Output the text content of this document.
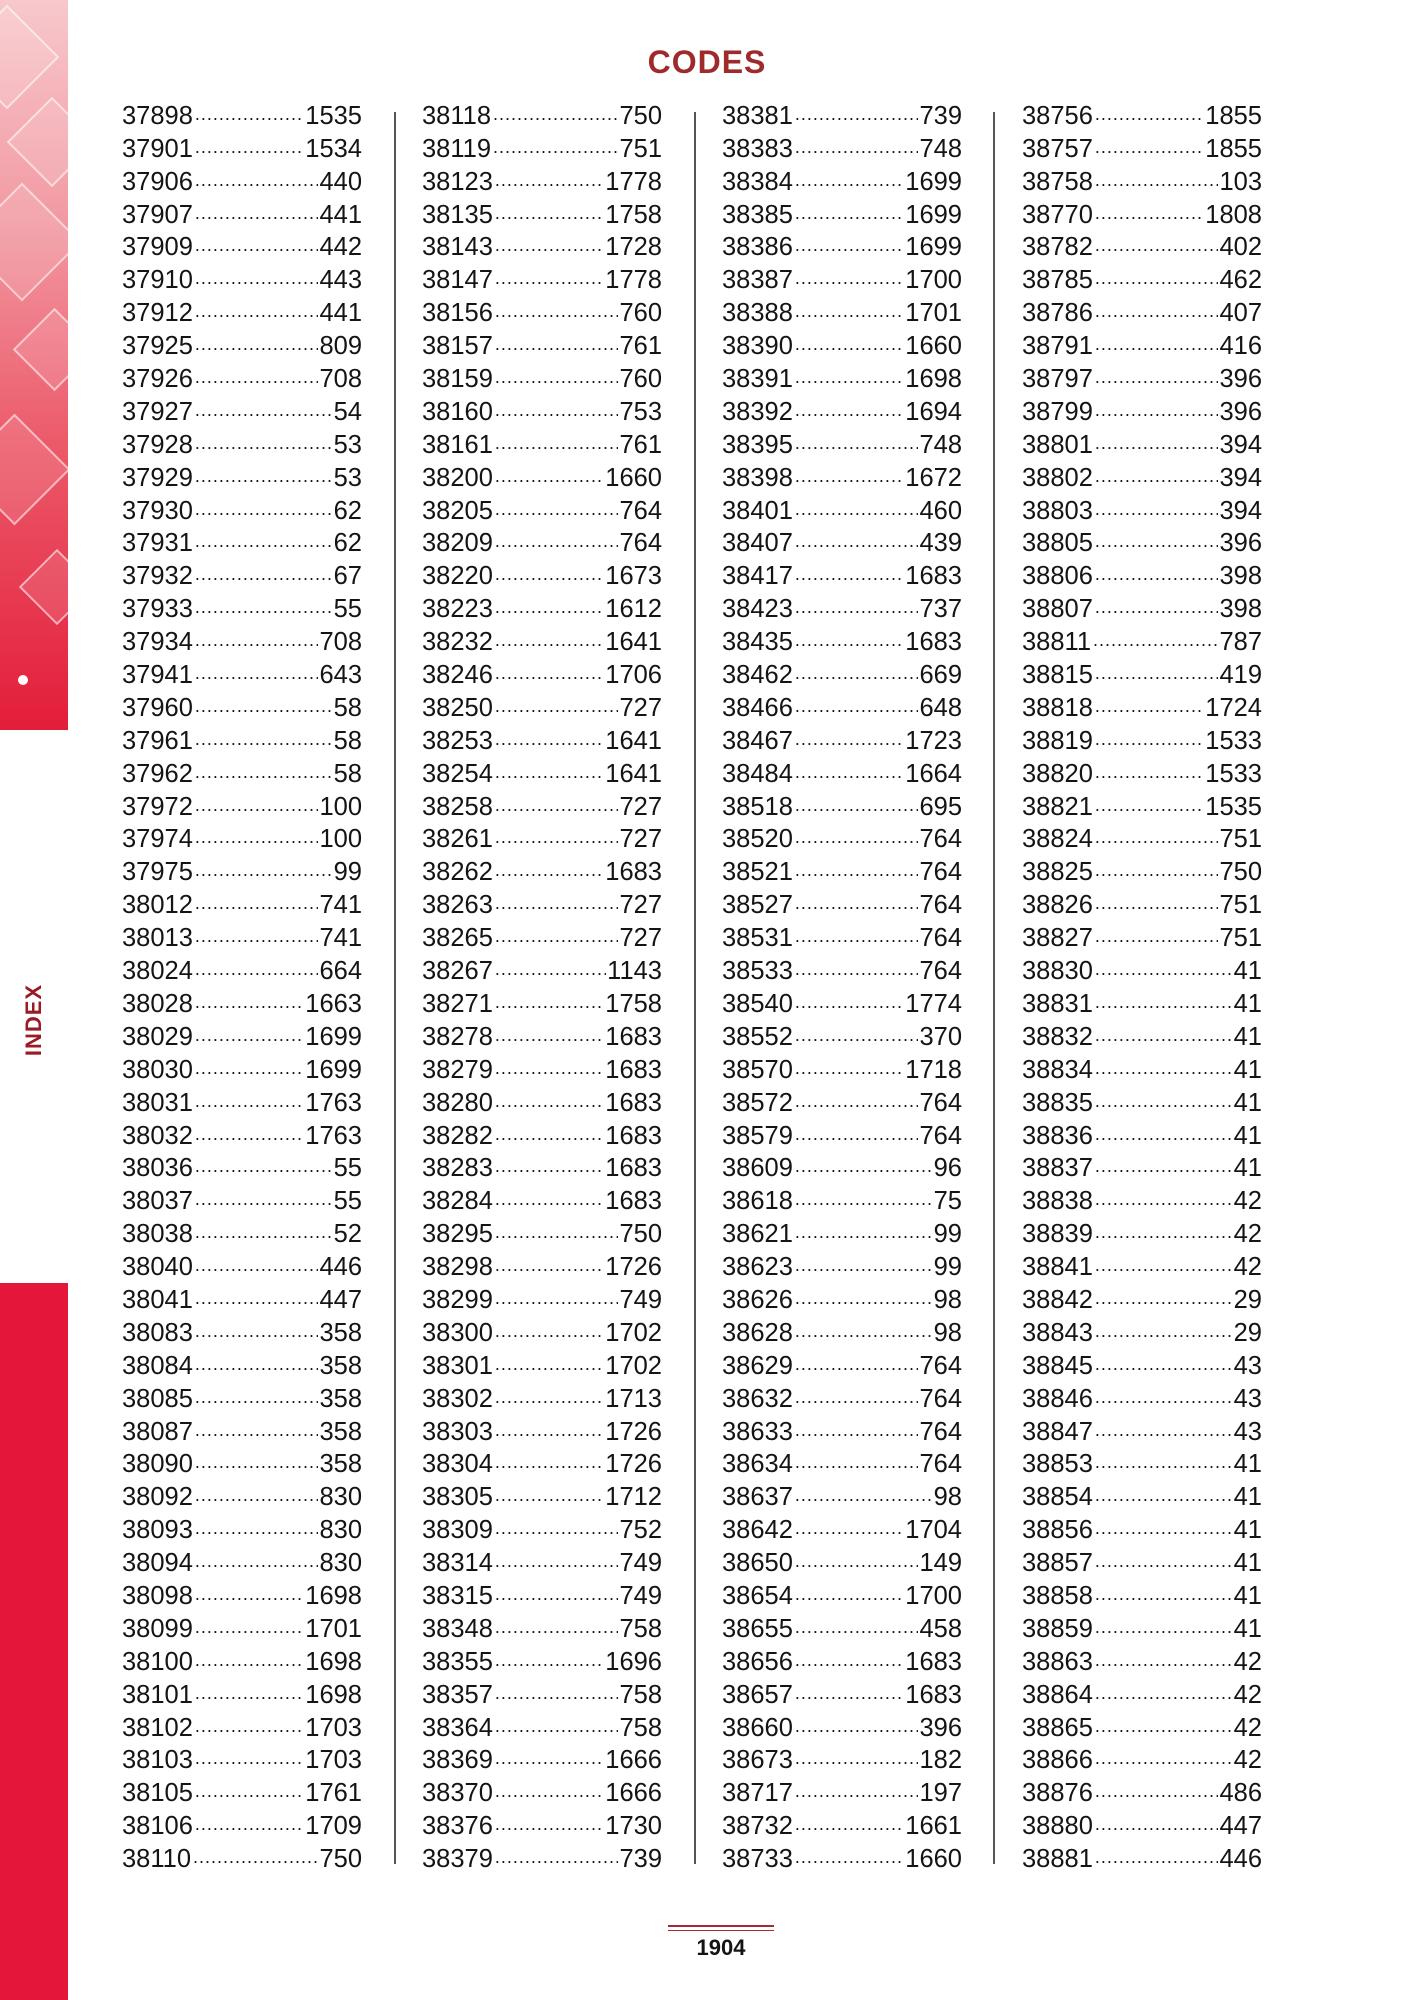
INDEX
CODES
37898 .....	1535
37901 .....	1534
37906 .....	440
37907 .....	441
37909 .....	442
37910 .....	443
37912 .....	441
37925 .....	809
37926 .....	708
37927 .....	54
37928 .....	53
37929 .....	53
37930 .....	62
37931 .....	62
37932 .....	67
37933 .....	55
37934 .....	708
37941 .....	643
37960 .....	58
37961 .....	58
37962 .....	58
37972 .....	100
37974 .....	100
37975 .....	99
38012 .....	741
38013 .....	741
38024 .....	664
38028 .....	1663
38029 .....	1699
38030 .....	1699
38031 .....	1763
38032 .....	1763
38036 .....	55
38037 .....	55
38038 .....	52
38040 .....	446
38041 .....	447
38083 .....	358
38084 .....	358
38085 .....	358
38087 .....	358
38090 .....	358
38092 .....	830
38093 .....	830
38094 .....	830
38098 .....	1698
38099 .....	1701
38100 .....	1698
38101 .....	1698
38102 .....	1703
38103 .....	1703
38105 .....	1761
38106 .....	1709
38110 .....	750
38118 .....	750
38119 .....	751
38123 .....	1778
38135 .....	1758
38143 .....	1728
38147 .....	1778
38156 .....	760
38157 .....	761
38159 .....	760
38160 .....	753
38161 .....	761
38200 .....	1660
38205 .....	764
38209 .....	764
38220 .....	1673
38223 .....	1612
38232 .....	1641
38246 .....	1706
38250 .....	727
38253 .....	1641
38254 .....	1641
38258 .....	727
38261 .....	727
38262 .....	1683
38263 .....	727
38265 .....	727
38267 .....	1143
38271 .....	1758
38278 .....	1683
38279 .....	1683
38280 .....	1683
38282 .....	1683
38283 .....	1683
38284 .....	1683
38295 .....	750
38298 .....	1726
38299 .....	749
38300 .....	1702
38301 .....	1702
38302 .....	1713
38303 .....	1726
38304 .....	1726
38305 .....	1712
38309 .....	752
38314 .....	749
38315 .....	749
38348 .....	758
38355 .....	1696
38357 .....	758
38364 .....	758
38369 .....	1666
38370 .....	1666
38376 .....	1730
38379 .....	739
38381 .....	739
38383 .....	748
38384 .....	1699
38385 .....	1699
38386 .....	1699
38387 .....	1700
38388 .....	1701
38390 .....	1660
38391 .....	1698
38392 .....	1694
38395 .....	748
38398 .....	1672
38401 .....	460
38407 .....	439
38417 .....	1683
38423 .....	737
38435 .....	1683
38462 .....	669
38466 .....	648
38467 .....	1723
38484 .....	1664
38518 .....	695
38520 .....	764
38521 .....	764
38527 .....	764
38531 .....	764
38533 .....	764
38540 .....	1774
38552 .....	370
38570 .....	1718
38572 .....	764
38579 .....	764
38609 .....	96
38618 .....	75
38621 .....	99
38623 .....	99
38626 .....	98
38628 .....	98
38629 .....	764
38632 .....	764
38633 .....	764
38634 .....	764
38637 .....	98
38642 .....	1704
38650 .....	149
38654 .....	1700
38655 .....	458
38656 .....	1683
38657 .....	1683
38660 .....	396
38673 .....	182
38717 .....	197
38732 .....	1661
38733 .....	1660
38756 .....	1855
38757 .....	1855
38758 .....	103
38770 .....	1808
38782 .....	402
38785 .....	462
38786 .....	407
38791 .....	416
38797 .....	396
38799 .....	396
38801 .....	394
38802 .....	394
38803 .....	394
38805 .....	396
38806 .....	398
38807 .....	398
38811 .....	787
38815 .....	419
38818 .....	1724
38819 .....	1533
38820 .....	1533
38821 .....	1535
38824 .....	751
38825 .....	750
38826 .....	751
38827 .....	751
38830 .....	41
38831 .....	41
38832 .....	41
38834 .....	41
38835 .....	41
38836 .....	41
38837 .....	41
38838 .....	42
38839 .....	42
38841 .....	42
38842 .....	29
38843 .....	29
38845 .....	43
38846 .....	43
38847 .....	43
38853 .....	41
38854 .....	41
38856 .....	41
38857 .....	41
38858 .....	41
38859 .....	41
38863 .....	42
38864 .....	42
38865 .....	42
38866 .....	42
38876 .....	486
38880 .....	447
38881 .....	446
1904
